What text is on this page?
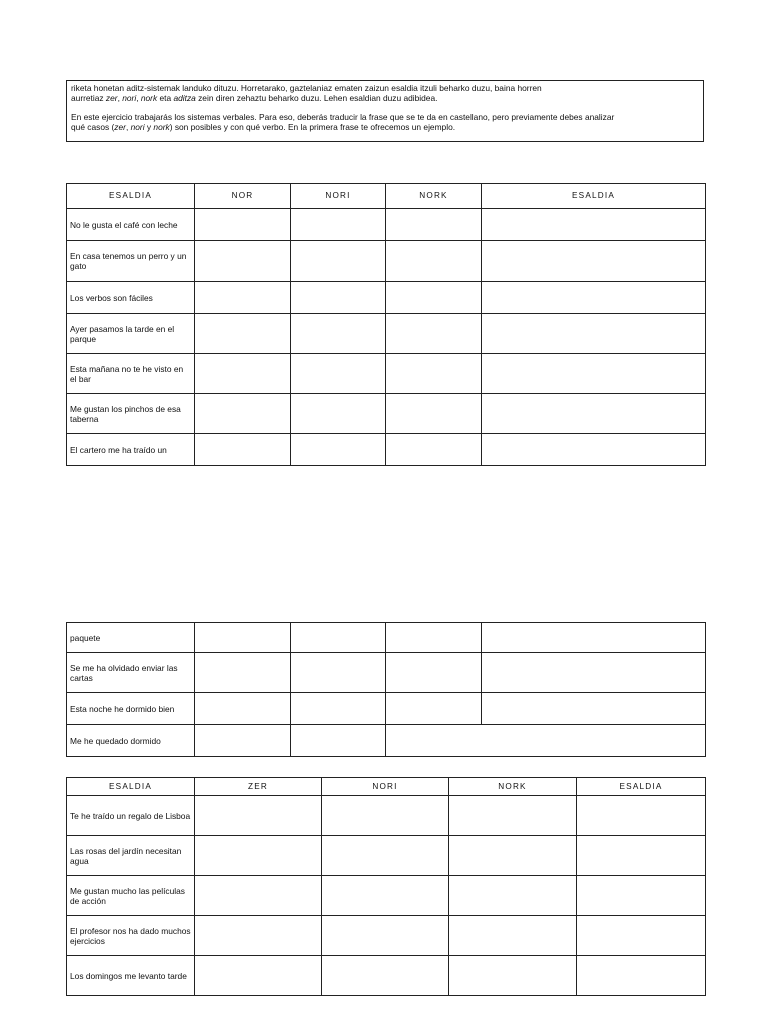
riketa honetan aditz-sistemak landuko dituzu. Horretarako, gaztelaniaz ematen zaizun esaldia itzuli beharko duzu, baina horren
aurretiaz zer, nori, nork eta aditza zein diren zehaztu beharko duzu. Lehen esaldian duzu adibidea.

En este ejercicio trabajarás los sistemas verbales. Para eso, deberás traducir la frase que se te da en castellano, pero previamente debes analizar
qué casos (zer, nori y nork) son posibles y con qué verbo. En la primera frase te ofrecemos un ejemplo.

ESALDIA	NOR	NORI	NORK	ESALDIA
No le gusta el café con leche				
En casa tenemos un perro y un gato				
Los verbos son fáciles				
Ayer pasamos la tarde en el parque				
Esta mañana no te he visto en el bar				
Me gustan los pinchos de esa taberna				
El cartero me ha traído un				
paquete				
Se me ha olvidado enviar las cartas				
Esta noche he dormido bien				
Me he quedado dormido				
ESALDIA	ZER	NORI	NORK	ESALDIA
Te he traído un regalo de Lisboa				
Las rosas del jardín necesitan agua				
Me gustan mucho las películas de acción				
El profesor nos ha dado muchos ejercicios				
Los domingos me levanto tarde				
